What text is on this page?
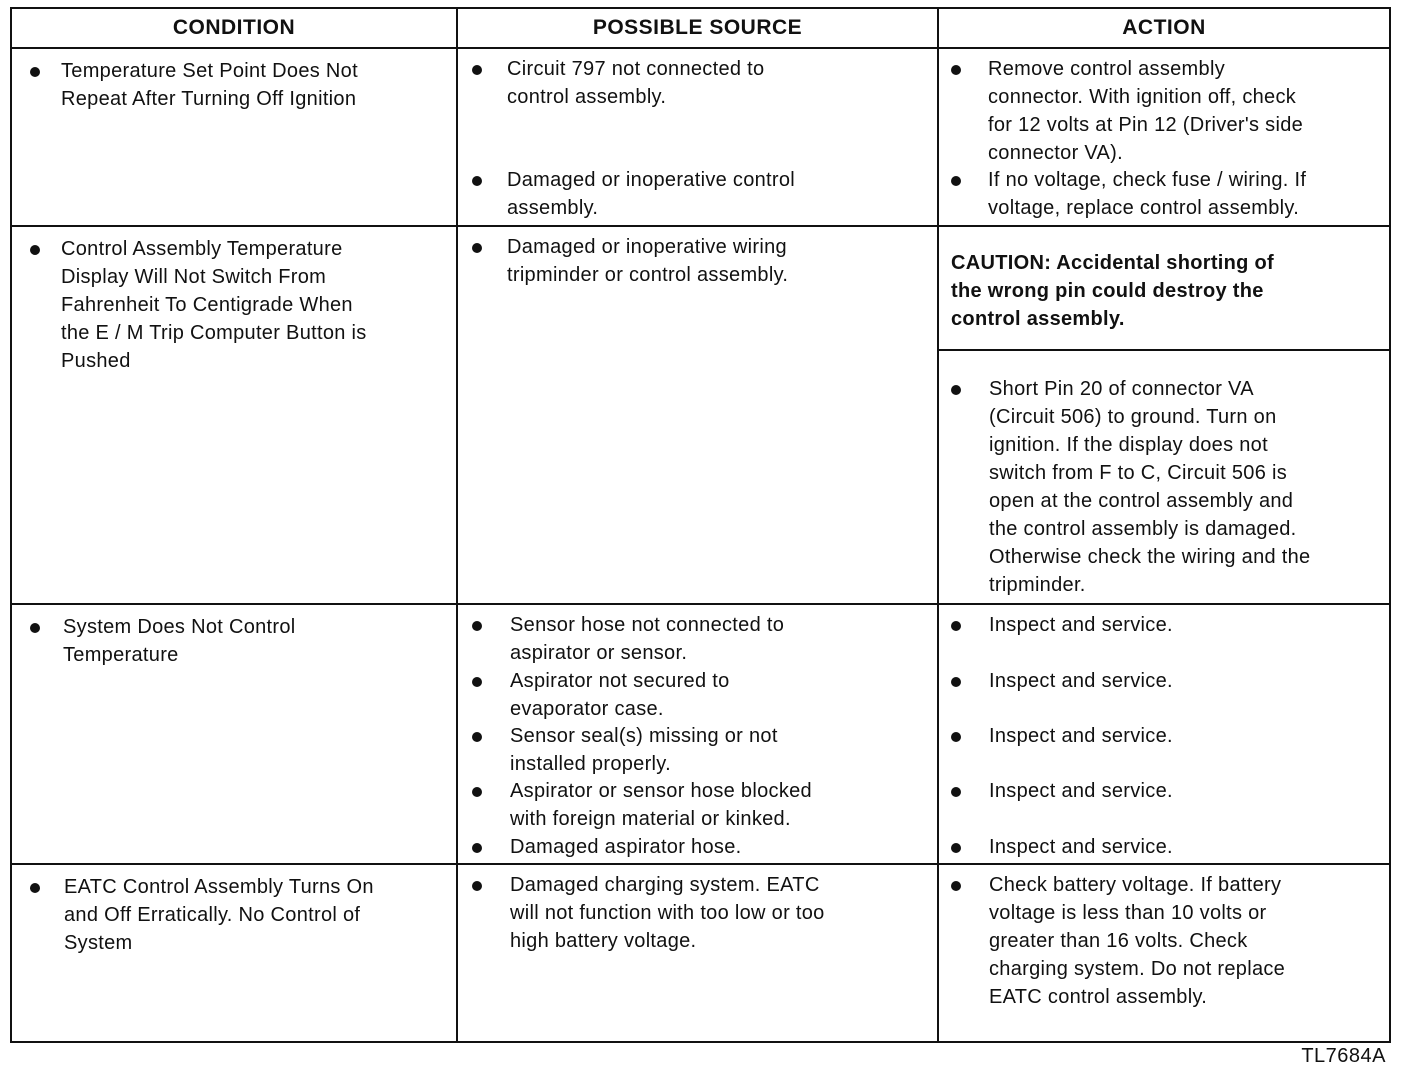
CONDITION	POSSIBLE SOURCE	ACTION
Temperature Set Point Does Not
Repeat After Turning Off Ignition
Circuit 797 not connected to
control assembly.
Damaged or inoperative control
assembly.
Remove control assembly
connector. With ignition off, check
for 12 volts at Pin 12 (Driver's side
connector VA).
If no voltage, check fuse / wiring. If
voltage, replace control assembly.
Control Assembly Temperature
Display Will Not Switch From
Fahrenheit To Centigrade When
the E / M Trip Computer Button is
Pushed
Damaged or inoperative wiring
tripminder or control assembly.
CAUTION: Accidental shorting of
the wrong pin could destroy the
control assembly.
Short Pin 20 of connector VA
(Circuit 506) to ground. Turn on
ignition. If the display does not
switch from F to C, Circuit 506 is
open at the control assembly and
the control assembly is damaged.
Otherwise check the wiring and the
tripminder.
System Does Not Control
Temperature
Sensor hose not connected to
aspirator or sensor.
Aspirator not secured to
evaporator case.
Sensor seal(s) missing or not
installed properly.
Aspirator or sensor hose blocked
with foreign material or kinked.
Damaged aspirator hose.
Inspect and service.
Inspect and service.
Inspect and service.
Inspect and service.
Inspect and service.
EATC Control Assembly Turns On
and Off Erratically. No Control of
System
Damaged charging system. EATC
will not function with too low or too
high battery voltage.
Check battery voltage. If battery
voltage is less than 10 volts or
greater than 16 volts. Check
charging system. Do not replace
EATC control assembly.
TL7684A
